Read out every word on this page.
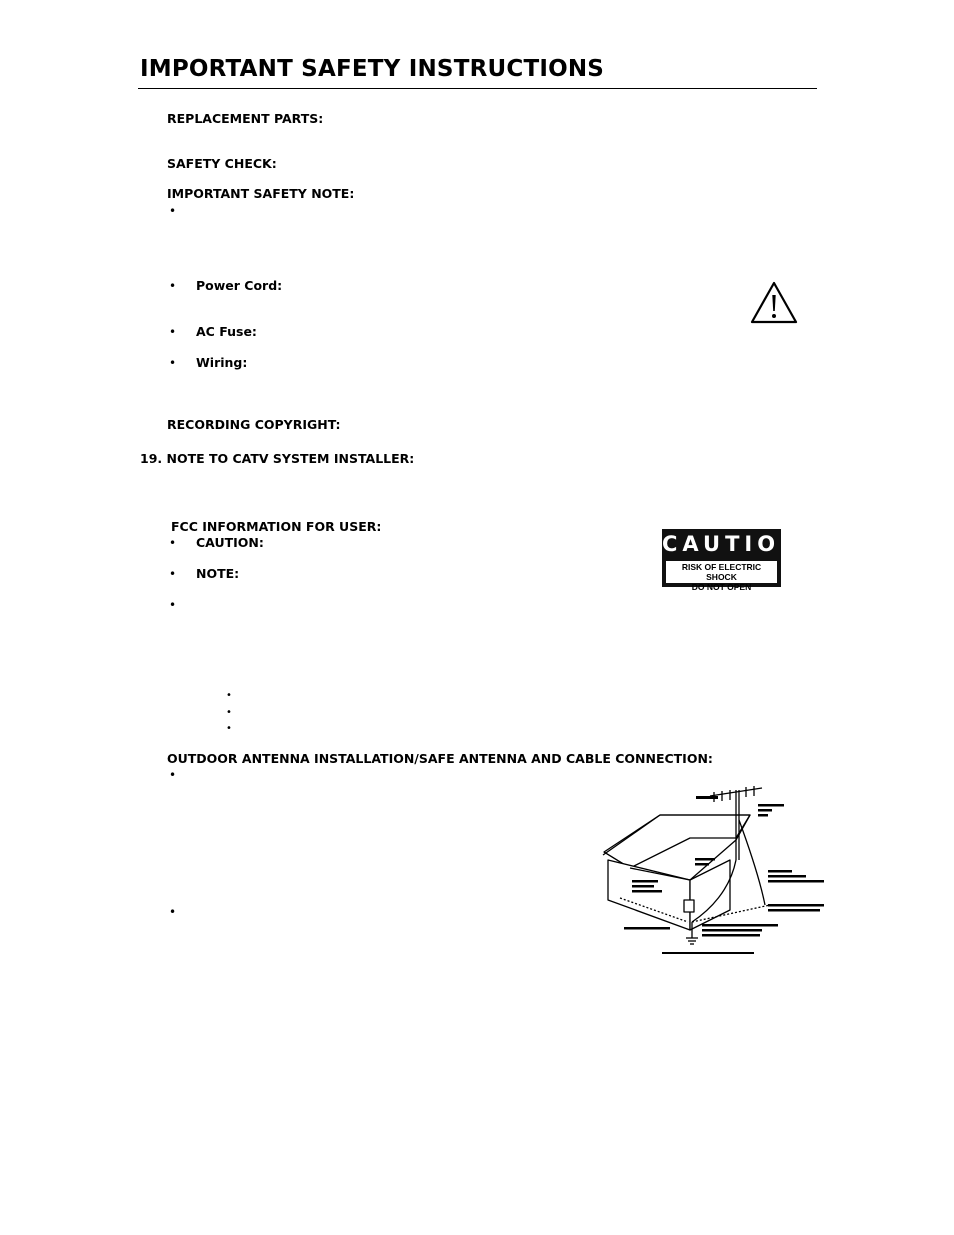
IMPORTANT SAFETY INSTRUCTIONS
REPLACEMENT PARTS:
SAFETY CHECK:
IMPORTANT SAFETY NOTE:
•
• Power Cord:
• AC Fuse:
• Wiring:
RECORDING COPYRIGHT:
19. NOTE TO CATV SYSTEM INSTALLER:
FCC INFORMATION FOR USER:
• CAUTION:
• NOTE:
•
•
•
•
CAUTION
RISK OF ELECTRIC SHOCK
DO NOT OPEN
OUTDOOR ANTENNA INSTALLATION/SAFE ANTENNA AND CABLE CONNECTION:
•
•
